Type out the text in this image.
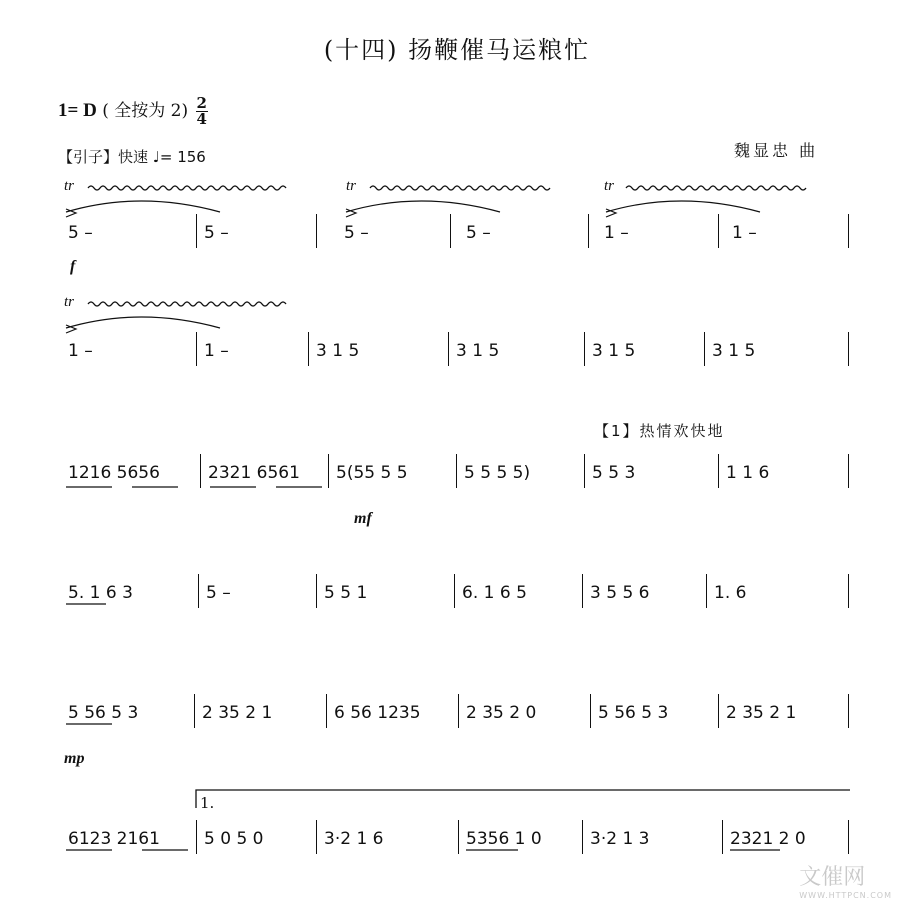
(十四) 扬鞭催马运粮忙
1= D ( 全按为 $2) \frac{2}{4}$
【引子】快速 ♩= 156	魏显忠 曲
tr	tr	tr
tr
1.
【1】热情欢快地
f
mf
mp
5 –	5 –	5 –	5 –	1 –	1 –
1 –	1 –	3 1 5	3 1 5	3 1 5	3 1 5
1216 5656	2321 6561	5(55 5 5	5 5 5 5)	5 5 3	1 1 6
5. 1 6 3	5 –	5 5 1	6. 1 6 5	3 5 5 6	1. 6
5 56 5 3	2 35 2 1	6 56 1235	2 35 2 0	5 56 5 3	2 35 2 1
6123 2161	5 0 5 0	3·2 1 6	5356 1 0	3·2 1 3	2321 2 0
文催网
WWW.HTTPCN.COM
